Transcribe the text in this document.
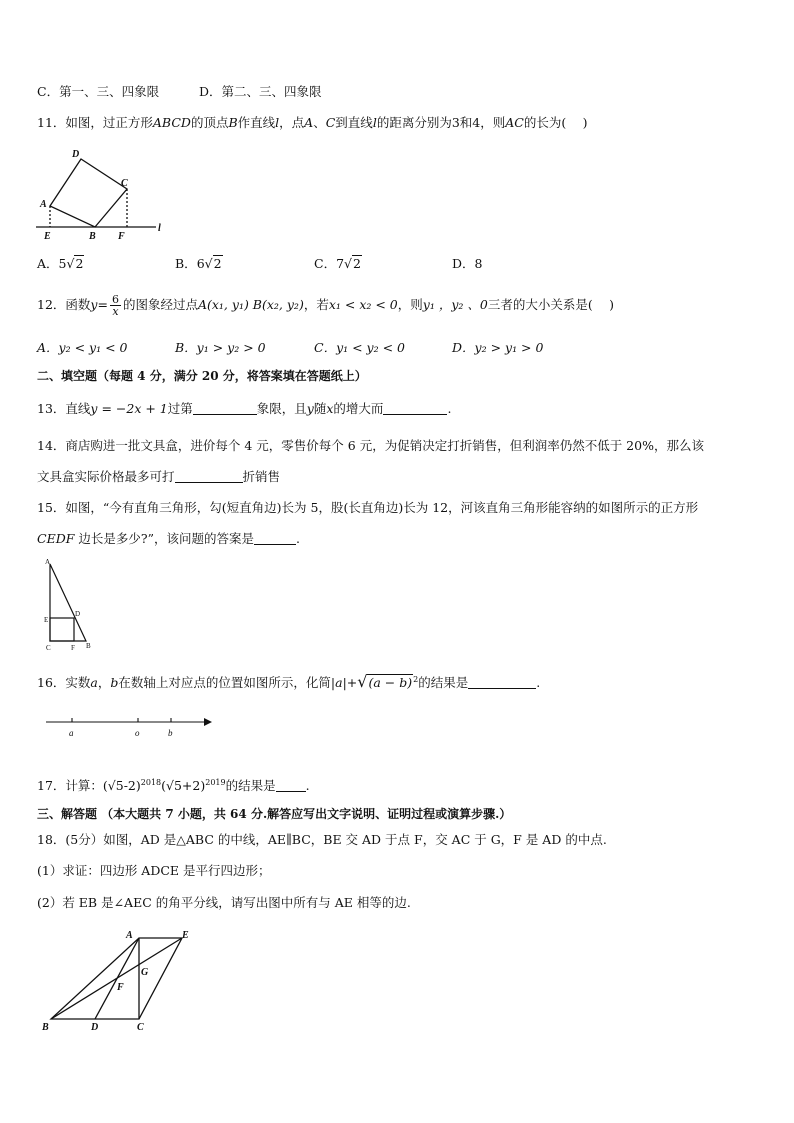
C．第一、三、四象限	D．第二、三、四象限
11．如图，过正方形ABCD的顶点B作直线l，点A、C到直线l的距离分别为3和4，则AC的长为(　 )
D
C
A
E	B F
l
A．5√2	B．6√2	C．7√2	D．8
12．函数$y= \frac{6}{x}$ 的图象经过点A(x₁, y₁) B(x₂, y₂)，若x₁ < x₂ < 0，则y₁ ，y₂ 、0三者的大小关系是(　 )
A．y₂ < y₁ < 0	B．y₁ > y₂ > 0	C．y₁ < y₂ < 0	D．y₂ > y₁ > 0
二、填空题（每题 4 分，满分 20 分，将答案填在答题纸上）
13．直线y = −2x + 1过第	象限，且y随x的增大而	.
14．商店购进一批文具盒，进价每个 4 元，零售价每个 6 元，为促销决定打折销售，但利润率仍然不低于 20%，那么该
文具盒实际价格最多可打	折销售
15．如图，“今有直角三角形，勾(短直角边)长为 5，股(长直角边)长为 12，河该直角三角形能容纳的如图所示的正方形
CEDF 边长是多少?”，该问题的答案是	.
A
D
E
C	F B
16．实数a，b在数轴上对应点的位置如图所示，化简$|a|+√(a - b)^2$的结果是	.
a	o	b
17．计算：$(√5-2)^{2018}(√5+2)^{2019}$的结果是 .
三、解答题 （本大题共 7 小题，共 64 分.解答应写出文字说明、证明过程或演算步骤.）
18．(5分）如图，AD 是△ABC 的中线，AE∥BC，BE 交 AD 于点 F，交 AC 于 G，F 是 AD 的中点.
(1）求证：四边形 ADCE 是平行四边形；
(2）若 EB 是∠AEC 的角平分线，请写出图中所有与 AE 相等的边.
A	E
G
F
B	D	C
